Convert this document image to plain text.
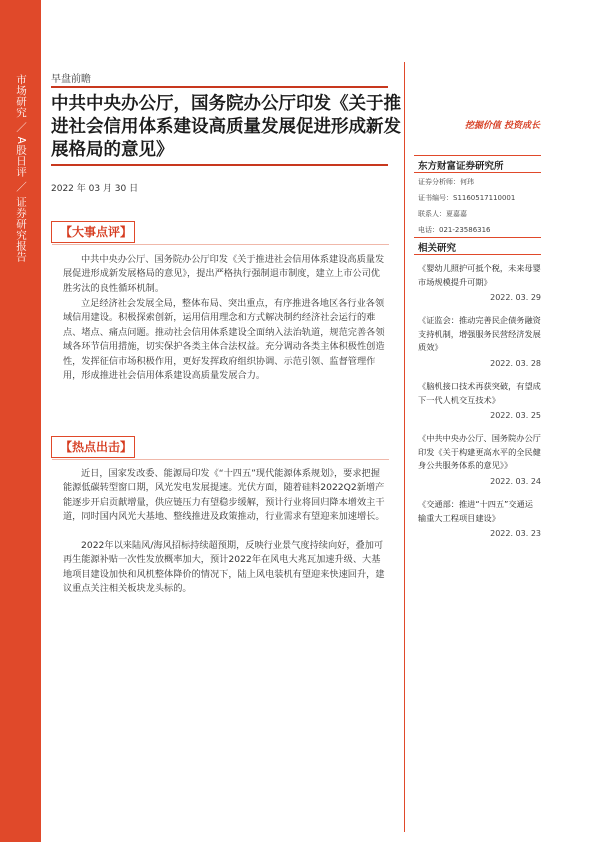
市场研究 ／ A股日评 ／ 证券研究报告 早盘前瞻
中共中央办公厅，国务院办公厅印发《关于推进社会信用体系建设高质量发展促进形成新发展格局的意见》
2022 年 03 月 30 日
【大事点评】

中共中央办公厅、国务院办公厅印发《关于推进社会信用体系建设高质量发展促进形成新发展格局的意见》，提出严格执行强制退市制度，建立上市公司优胜劣汰的良性循环机制。

立足经济社会发展全局，整体布局、突出重点，有序推进各地区各行业各领域信用建设。积极探索创新，运用信用理念和方式解决制约经济社会运行的难点、堵点、痛点问题。推动社会信用体系建设全面纳入法治轨道，规范完善各领域各环节信用措施，切实保护各类主体合法权益。充分调动各类主体积极性创造性，发挥征信市场积极作用，更好发挥政府组织协调、示范引领、监督管理作用，形成推进社会信用体系建设高质量发展合力。

【热点出击】

近日，国家发改委、能源局印发《“十四五”现代能源体系规划》，要求把握能源低碳转型窗口期，风光发电发展提速。光伏方面，随着硅料2022Q2新增产能逐步开启贡献增量，供应链压力有望稳步缓解，预计行业将回归降本增效主干道，同时国内风光大基地、整线推进及政策推动，行业需求有望迎来加速增长。

2022年以来陆风/海风招标持续超预期，反映行业景气度持续向好，叠加可再生能源补贴一次性发放概率加大，预计2022年在风电大兆瓦加速升级、大基地项目建设加快和风机整体降价的情况下，陆上风电装机有望迎来快速回升，建议重点关注相关板块龙头标的。

挖掘价值 投资成长
东方财富证券研究所
证券分析师：何玮
证书编号：S1160517110001
联系人：夏嘉嘉
电话：021-23586316
相关研究
《婴幼儿照护可抵个税，未来母婴市场规模提升可期》
2022. 03. 29
《证监会：推动完善民企债务融资支持机制，增强服务民营经济发展质效》
2022. 03. 28
《脑机接口技术再获突破，有望成下一代人机交互技术》
2022. 03. 25
《中共中央办公厅、国务院办公厅印发《关于构建更高水平的全民健身公共服务体系的意见》》
2022. 03. 24
《交通部：推进“十四五”交通运输重大工程项目建设》
2022. 03. 23
